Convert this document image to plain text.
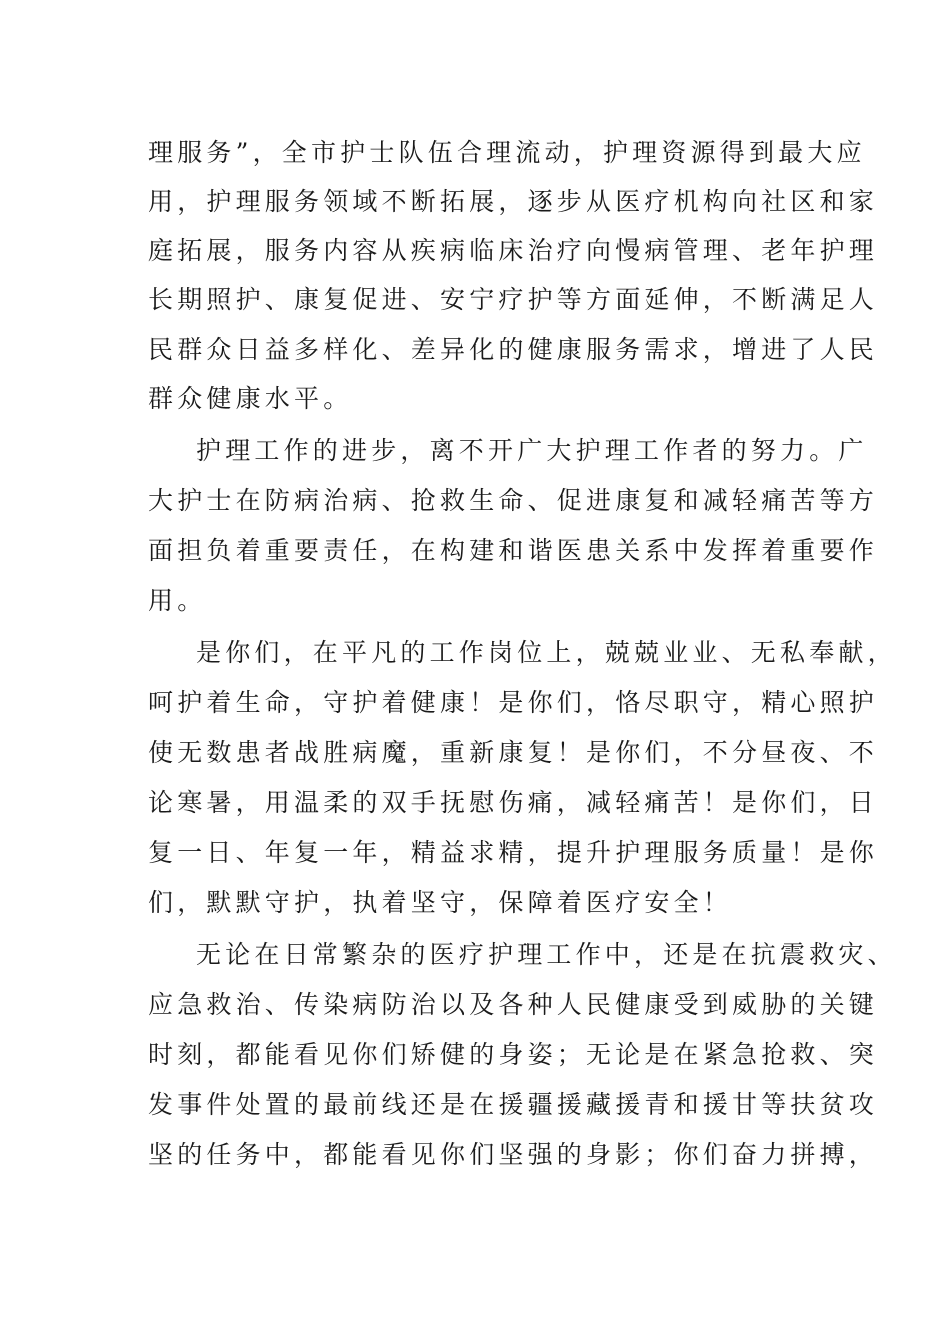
理服务”，全市护士队伍合理流动，护理资源得到最大应

用，护理服务领域不断拓展，逐步从医疗机构向社区和家

庭拓展，服务内容从疾病临床治疗向慢病管理、老年护理

长期照护、康复促进、安宁疗护等方面延伸，不断满足人

民群众日益多样化、差异化的健康服务需求，增进了人民

群众健康水平。

护理工作的进步，离不开广大护理工作者的努力。广

大护士在防病治病、抢救生命、促进康复和减轻痛苦等方

面担负着重要责任，在构建和谐医患关系中发挥着重要作

用。

是你们，在平凡的工作岗位上，兢兢业业、无私奉献，

呵护着生命，守护着健康！是你们，恪尽职守，精心照护

使无数患者战胜病魔，重新康复！是你们，不分昼夜、不

论寒暑，用温柔的双手抚慰伤痛，减轻痛苦！是你们，日

复一日、年复一年，精益求精，提升护理服务质量！是你

们，默默守护，执着坚守，保障着医疗安全！

无论在日常繁杂的医疗护理工作中，还是在抗震救灾、

应急救治、传染病防治以及各种人民健康受到威胁的关键

时刻，都能看见你们矫健的身姿；无论是在紧急抢救、突

发事件处置的最前线还是在援疆援藏援青和援甘等扶贫攻

坚的任务中，都能看见你们坚强的身影；你们奋力拼搏，
